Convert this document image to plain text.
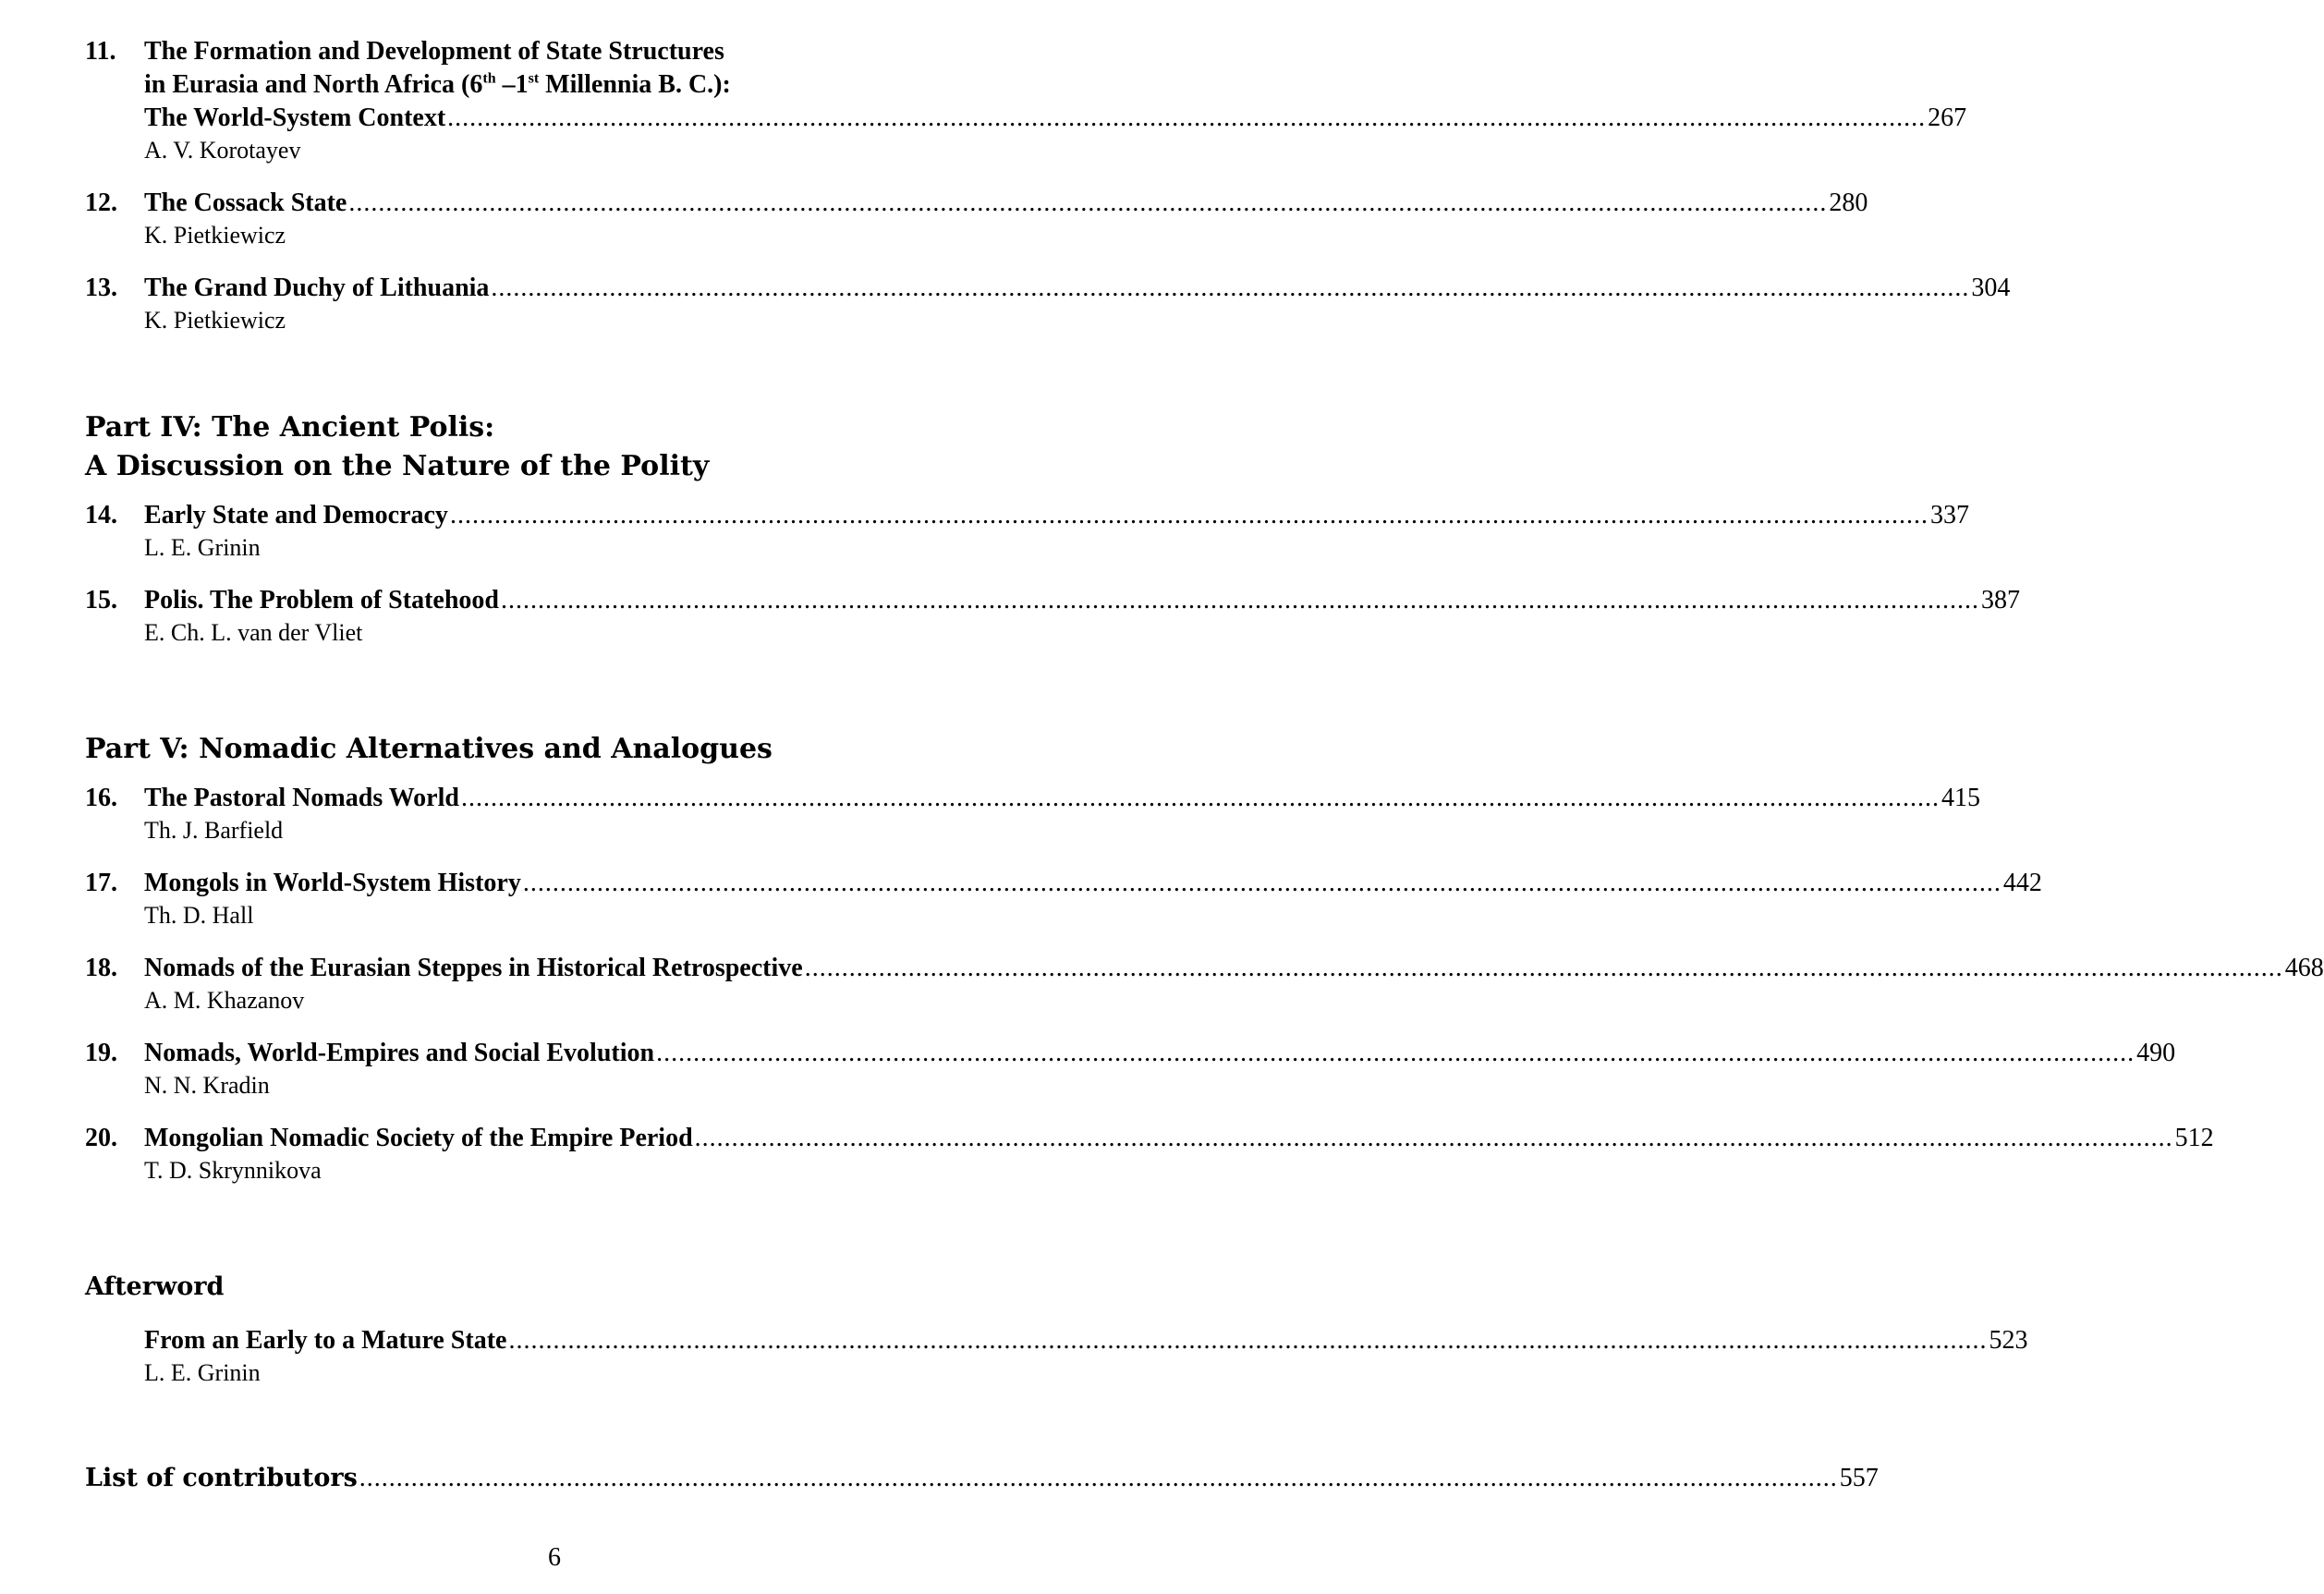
11.	The Formation and Development of State Structures
in Eurasia and North Africa (6th –1st Millennia B. C.):
The World-System Context .....	267
A. V. Korotayev
12.	The Cossack State .....	280
K. Pietkiewicz
13.	The Grand Duchy of Lithuania .....	304
K. Pietkiewicz
Part IV: The Ancient Polis:
A Discussion on the Nature of the Polity
14.	Early State and Democracy .....	337
L. E. Grinin
15.	Polis. The Problem of Statehood .....	387
E. Ch. L. van der Vliet
Part V: Nomadic Alternatives and Analogues
16.	The Pastoral Nomads World .....	415
Th. J. Barfield
17.	Mongols in World-System History .....	442
Th. D. Hall
18.	Nomads of the Eurasian Steppes in Historical Retrospective .....	468
A. M. Khazanov
19.	Nomads, World-Empires and Social Evolution .....	490
N. N. Kradin
20.	Mongolian Nomadic Society of the Empire Period .....	512
T. D. Skrynnikova
Afterword
From an Early to a Mature State .....	523
L. E. Grinin
List of contributors .....	557
6
